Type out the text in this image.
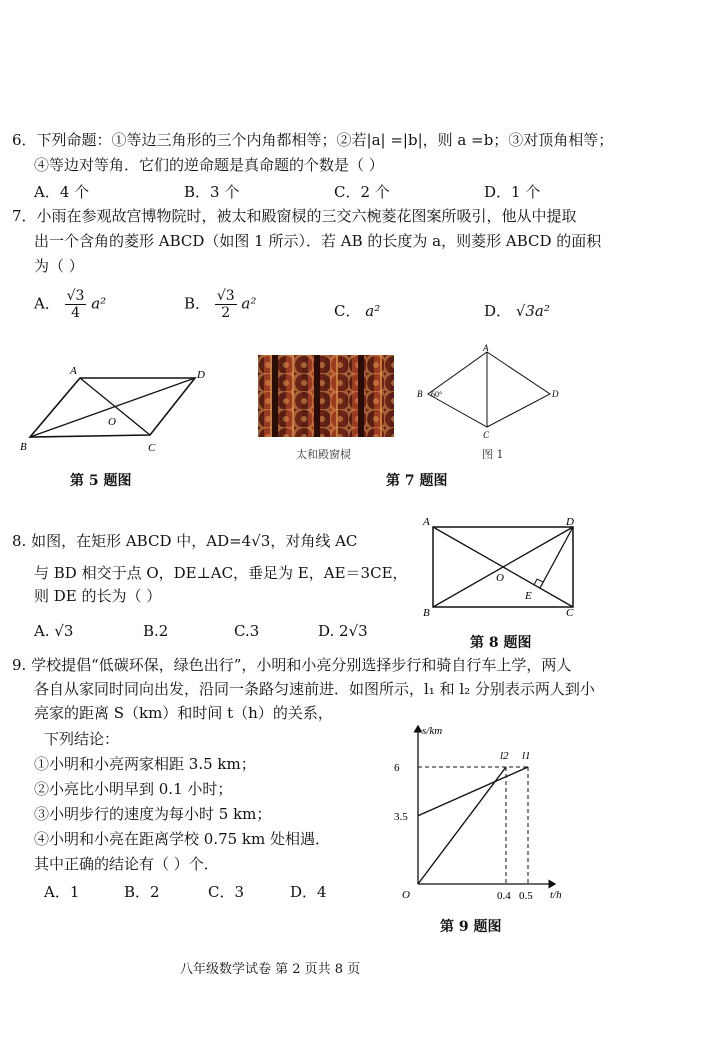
6．下列命题：①等边三角形的三个内角都相等；②若|a| =|b|，则 a =b；③对顶角相等；
④等边对等角．它们的逆命题是真命题的个数是（ ）
A．4 个	B．3 个	C．2 个	D．1 个
7．小雨在参观故宫博物院时，被太和殿窗棂的三交六椀菱花图案所吸引，他从中提取
出一个含角的菱形 ABCD（如图 1 所示）．若 AB 的长度为 a，则菱形 ABCD 的面积
为（ ）
A． $\frac{√3}{4} a^2$	B． $\frac{√3}{2} a^2$	C． a²	D． √3a²
A	D
O
B	C
第 5 题图
太和殿窗棂
A
B 60°	D
C
图 1
第 7 题图
8. 如图，在矩形 ABCD 中，AD=4√3，对角线 AC
与 BD 相交于点 O，DE⊥AC，垂足为 E，AE＝3CE，
则 DE 的长为（ ）
A. √3	B.2	C.3	D. 2√3
A	D
O
E
B	C
第 8 题图
9. 学校提倡“低碳环保，绿色出行”，小明和小亮分别选择步行和骑自行车上学，两人
各自从家同时同向出发，沿同一条路匀速前进．如图所示，l₁ 和 l₂ 分别表示两人到小
亮家的距离 S（km）和时间 t（h）的关系，
下列结论：
①小明和小亮两家相距 3.5 km；
②小亮比小明早到 0.1 小时；
③小明步行的速度为每小时 5 km；
④小明和小亮在距离学校 0.75 km 处相遇．
其中正确的结论有（ ）个．
A．1	B．2	C．3	D．4
s/km
t/h
O
l2 l1
3.5
6
0.4 0.5
第 9 题图
八年级数学试卷 第 2 页共 8 页
